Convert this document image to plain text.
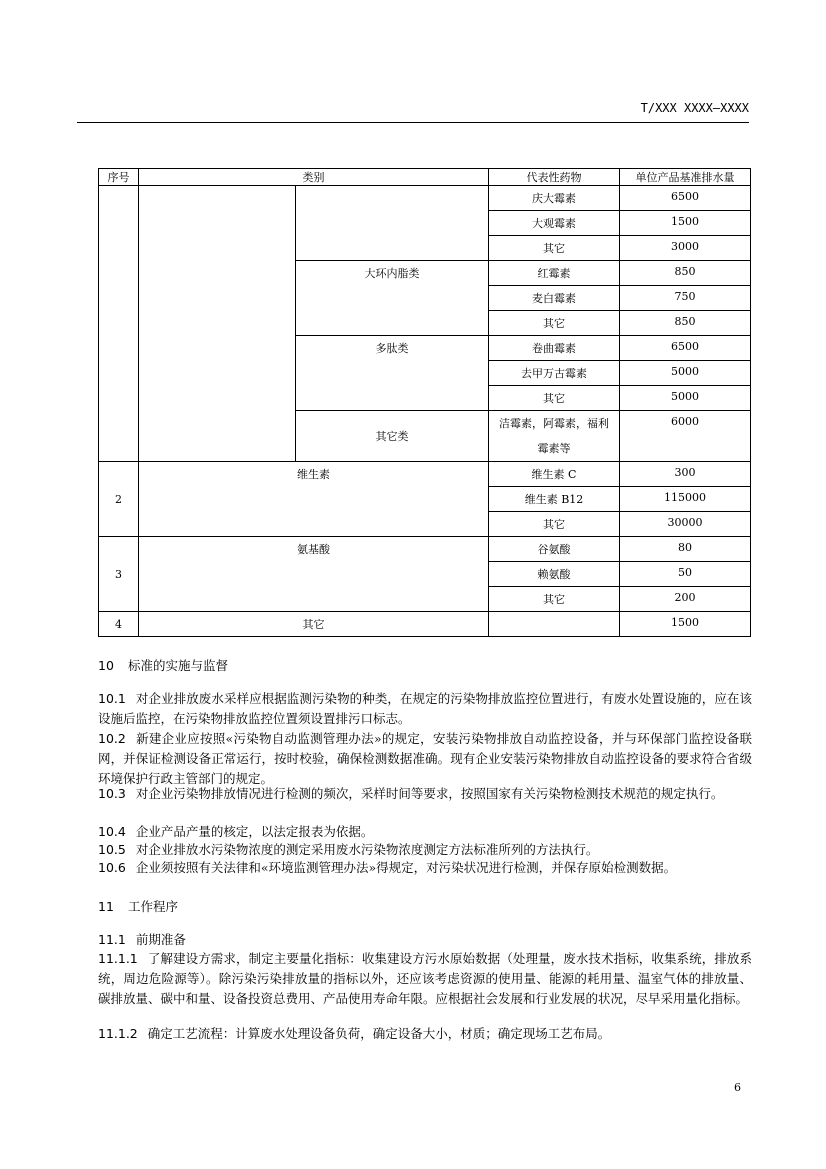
T/XXX XXXX—XXXX
序号	类别		代表性药物	单位产品基准排水量
			庆大霉素	6500
			大观霉素	1500
			其它	3000
		大环内脂类	红霉素	850
			麦白霉素	750
			其它	850
		多肽类	卷曲霉素	6500
			去甲万古霉素	5000
			其它	5000
		其它类	洁霉素，阿霉素，福利
霉素等	6000
2	维生素		维生素 C	300
			维生素 B12	115000
			其它	30000
3	氨基酸		谷氨酸	80
			赖氨酸	50
			其它	200
4	其它			1500
10 标准的实施与监督
10.1 对企业排放废水采样应根据监测污染物的种类，在规定的污染物排放监控位置进行，有废水处置设施的，应在该设施后监控，在污染物排放监控位置须设置排污口标志。
10.2 新建企业应按照«污染物自动监测管理办法»的规定，安装污染物排放自动监控设备，并与环保部门监控设备联网，并保证检测设备正常运行，按时校验，确保检测数据准确。现有企业安装污染物排放自动监控设备的要求符合省级环境保护行政主管部门的规定。
10.3 对企业污染物排放情况进行检测的频次，采样时间等要求，按照国家有关污染物检测技术规范的规定执行。
10.4 企业产品产量的核定，以法定报表为依据。
10.5 对企业排放水污染物浓度的测定采用废水污染物浓度测定方法标准所列的方法执行。
10.6 企业须按照有关法律和«环境监测管理办法»得规定，对污染状况进行检测，并保存原始检测数据。
11 工作程序
11.1 前期准备
11.1.1 了解建设方需求，制定主要量化指标：收集建设方污水原始数据（处理量，废水技术指标，收集系统，排放系统，周边危险源等）。除污染污染排放量的指标以外，还应该考虑资源的使用量、能源的耗用量、温室气体的排放量、碳排放量、碳中和量、设备投资总费用、产品使用寿命年限。应根据社会发展和行业发展的状况，尽早采用量化指标。
11.1.2 确定工艺流程：计算废水处理设备负荷，确定设备大小，材质；确定现场工艺布局。
6
